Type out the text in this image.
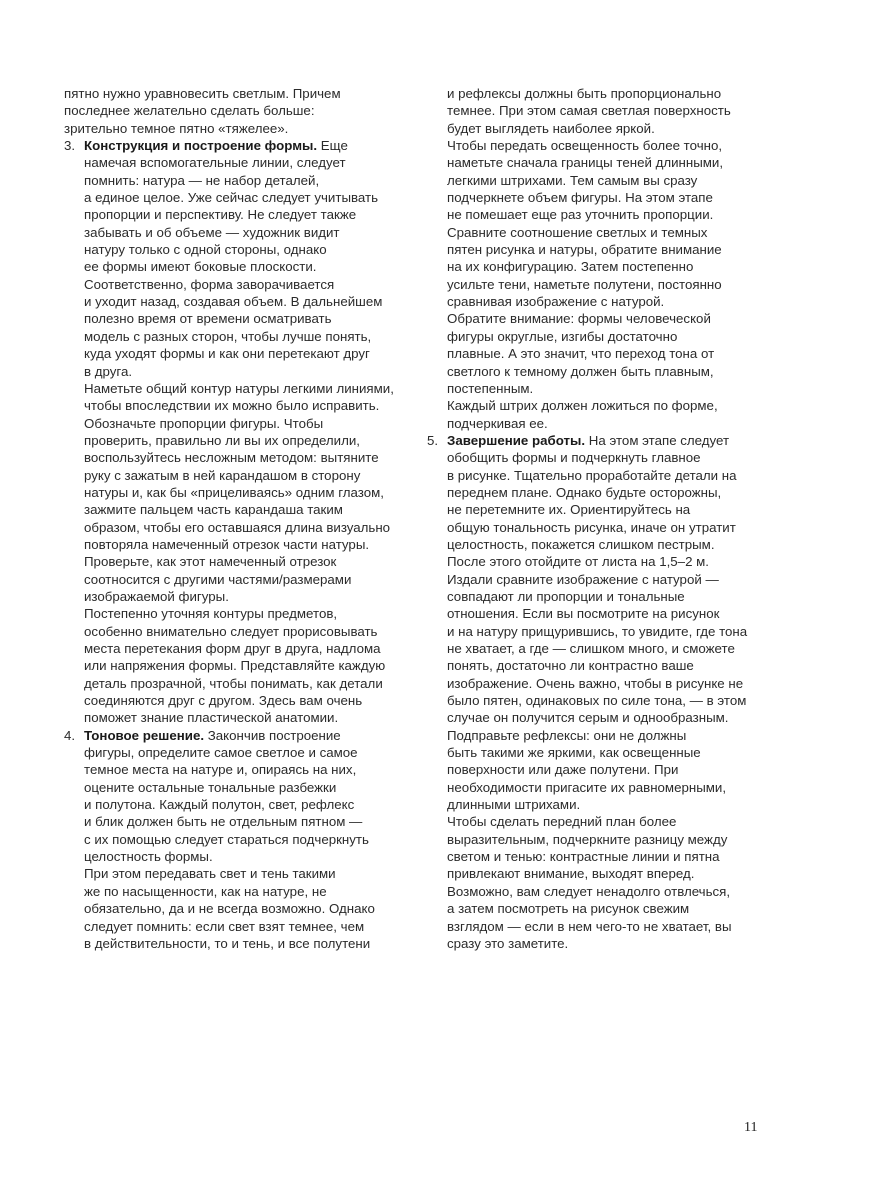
пятно нужно уравновесить светлым. Причем
последнее желательно сделать больше:
зрительно темное пятно «тяжелее».
3. Конструкция и построение формы. Еще
намечая вспомогательные линии, следует
помнить: натура — не набор деталей,
а единое целое. Уже сейчас следует учитывать
пропорции и перспективу. Не следует также
забывать и об объеме — художник видит
натуру только с одной стороны, однако
ее формы имеют боковые плоскости.
Соответственно, форма заворачивается
и уходит назад, создавая объем. В дальнейшем
полезно время от времени осматривать
модель с разных сторон, чтобы лучше понять,
куда уходят формы и как они перетекают друг
в друга.
Наметьте общий контур натуры легкими линиями,
чтобы впоследствии их можно было исправить.
Обозначьте пропорции фигуры. Чтобы
проверить, правильно ли вы их определили,
воспользуйтесь несложным методом: вытяните
руку с зажатым в ней карандашом в сторону
натуры и, как бы «прицеливаясь» одним глазом,
зажмите пальцем часть карандаша таким
образом, чтобы его оставшаяся длина визуально
повторяла намеченный отрезок части натуры.
Проверьте, как этот намеченный отрезок
соотносится с другими частями/размерами
изображаемой фигуры.
Постепенно уточняя контуры предметов,
особенно внимательно следует прорисовывать
места перетекания форм друг в друга, надлома
или напряжения формы. Представляйте каждую
деталь прозрачной, чтобы понимать, как детали
соединяются друг с другом. Здесь вам очень
поможет знание пластической анатомии.
4. Тоновое решение. Закончив построение
фигуры, определите самое светлое и самое
темное места на натуре и, опираясь на них,
оцените остальные тональные разбежки
и полутона. Каждый полутон, свет, рефлекс
и блик должен быть не отдельным пятном —
с их помощью следует стараться подчеркнуть
целостность формы.
При этом передавать свет и тень такими
же по насыщенности, как на натуре, не
обязательно, да и не всегда возможно. Однако
следует помнить: если свет взят темнее, чем
в действительности, то и тень, и все полутени
и рефлексы должны быть пропорционально
темнее. При этом самая светлая поверхность
будет выглядеть наиболее яркой.
Чтобы передать освещенность более точно,
наметьте сначала границы теней длинными,
легкими штрихами. Тем самым вы сразу
подчеркнете объем фигуры. На этом этапе
не помешает еще раз уточнить пропорции.
Сравните соотношение светлых и темных
пятен рисунка и натуры, обратите внимание
на их конфигурацию. Затем постепенно
усильте тени, наметьте полутени, постоянно
сравнивая изображение с натурой.
Обратите внимание: формы человеческой
фигуры округлые, изгибы достаточно
плавные. А это значит, что переход тона от
светлого к темному должен быть плавным,
постепенным.
Каждый штрих должен ложиться по форме,
подчеркивая ее.
5. Завершение работы. На этом этапе следует
обобщить формы и подчеркнуть главное
в рисунке. Тщательно проработайте детали на
переднем плане. Однако будьте осторожны,
не перетемните их. Ориентируйтесь на
общую тональность рисунка, иначе он утратит
целостность, покажется слишком пестрым.
После этого отойдите от листа на 1,5–2 м.
Издали сравните изображение с натурой —
совпадают ли пропорции и тональные
отношения. Если вы посмотрите на рисунок
и на натуру прищурившись, то увидите, где тона
не хватает, а где — слишком много, и сможете
понять, достаточно ли контрастно ваше
изображение. Очень важно, чтобы в рисунке не
было пятен, одинаковых по силе тона, — в этом
случае он получится серым и однообразным.
Подправьте рефлексы: они не должны
быть такими же яркими, как освещенные
поверхности или даже полутени. При
необходимости пригасите их равномерными,
длинными штрихами.
Чтобы сделать передний план более
выразительным, подчеркните разницу между
светом и тенью: контрастные линии и пятна
привлекают внимание, выходят вперед.
Возможно, вам следует ненадолго отвлечься,
а затем посмотреть на рисунок свежим
взглядом — если в нем чего-то не хватает, вы
сразу это заметите.
11
